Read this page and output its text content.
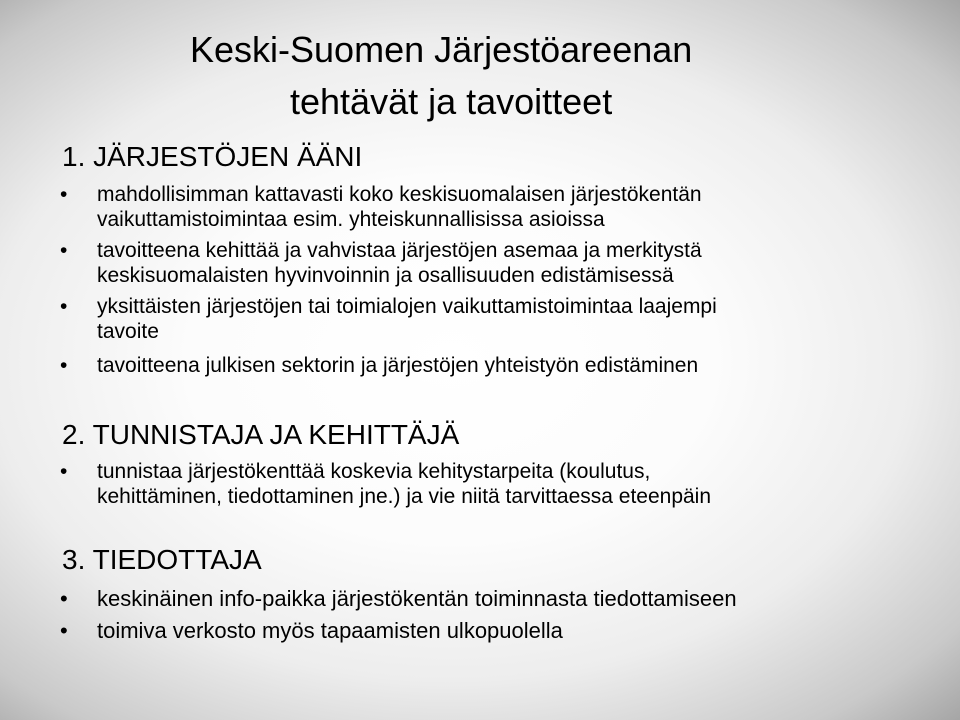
Keski-Suomen Järjestöareenan
tehtävät ja tavoitteet
1. JÄRJESTÖJEN ÄÄNI
•	mahdollisimman kattavasti koko keskisuomalaisen järjestökentän
vaikuttamistoimintaa esim. yhteiskunnallisissa asioissa
•	tavoitteena kehittää ja vahvistaa järjestöjen asemaa ja merkitystä
keskisuomalaisten hyvinvoinnin ja osallisuuden edistämisessä
•	yksittäisten järjestöjen tai toimialojen vaikuttamistoimintaa laajempi
tavoite
•	tavoitteena julkisen sektorin ja järjestöjen yhteistyön edistäminen
2. TUNNISTAJA JA KEHITTÄJÄ
•	tunnistaa järjestökenttää koskevia kehitystarpeita (koulutus,
kehittäminen, tiedottaminen jne.) ja vie niitä tarvittaessa eteenpäin
3. TIEDOTTAJA
•	keskinäinen info-paikka järjestökentän toiminnasta tiedottamiseen
•	toimiva verkosto myös tapaamisten ulkopuolella
